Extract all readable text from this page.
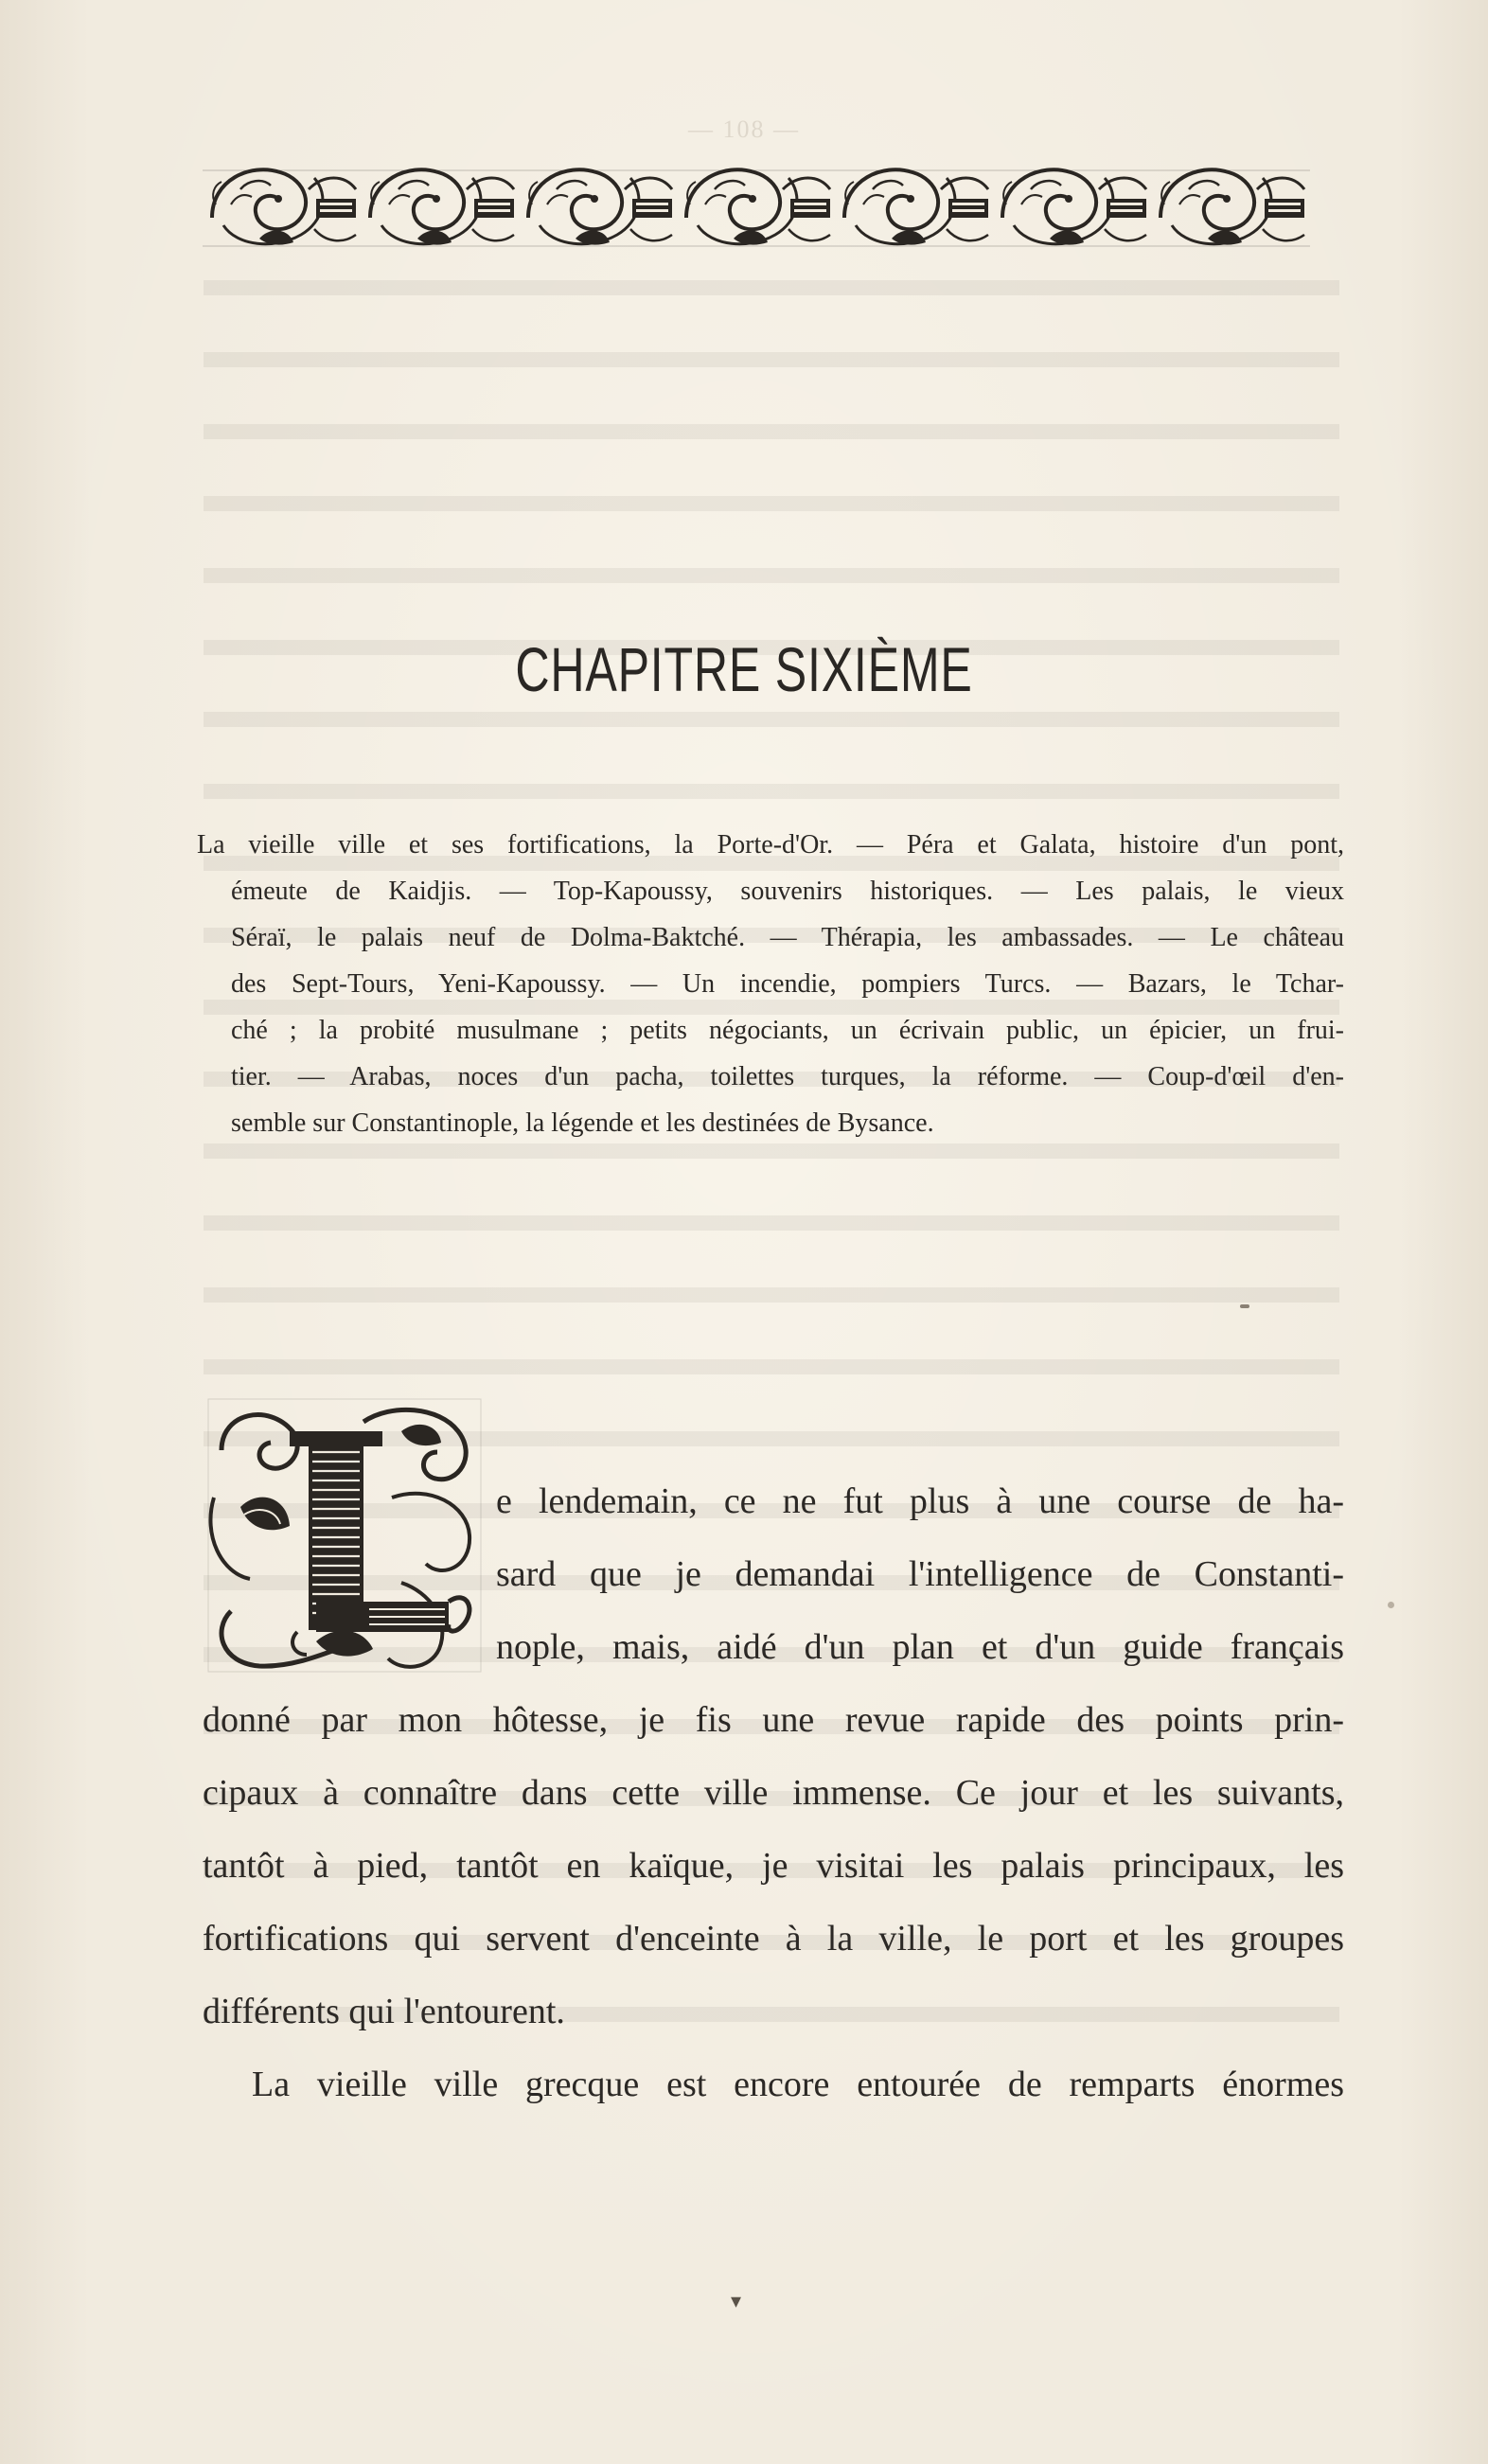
— 108 —
CHAPITRE SIXIÈME

La vieille ville et ses fortifications, la Porte-d'Or. — Péra et Galata, histoire d'un pont,

émeute de Kaidjis. — Top-Kapoussy, souvenirs historiques. — Les palais, le vieux

Séraï, le palais neuf de Dolma-Baktché. — Thérapia, les ambassades. — Le château

des Sept-Tours, Yeni-Kapoussy. — Un incendie, pompiers Turcs. — Bazars, le Tchar-

ché ; la probité musulmane ; petits négociants, un écrivain public, un épicier, un frui-

tier. — Arabas, noces d'un pacha, toilettes turques, la réforme. — Coup-d'œil d'en-

semble sur Constantinople, la légende et les destinées de Bysance.

e lendemain, ce ne fut plus à une course de ha-

sard que je demandai l'intelligence de Constanti-

nople, mais, aidé d'un plan et d'un guide français

donné par mon hôtesse, je fis une revue rapide des points prin-

cipaux à connaître dans cette ville immense. Ce jour et les suivants,

tantôt à pied, tantôt en kaïque, je visitai les palais principaux, les

fortifications qui servent d'enceinte à la ville, le port et les groupes

différents qui l'entourent.

La vieille ville grecque est encore entourée de remparts énormes

▾
